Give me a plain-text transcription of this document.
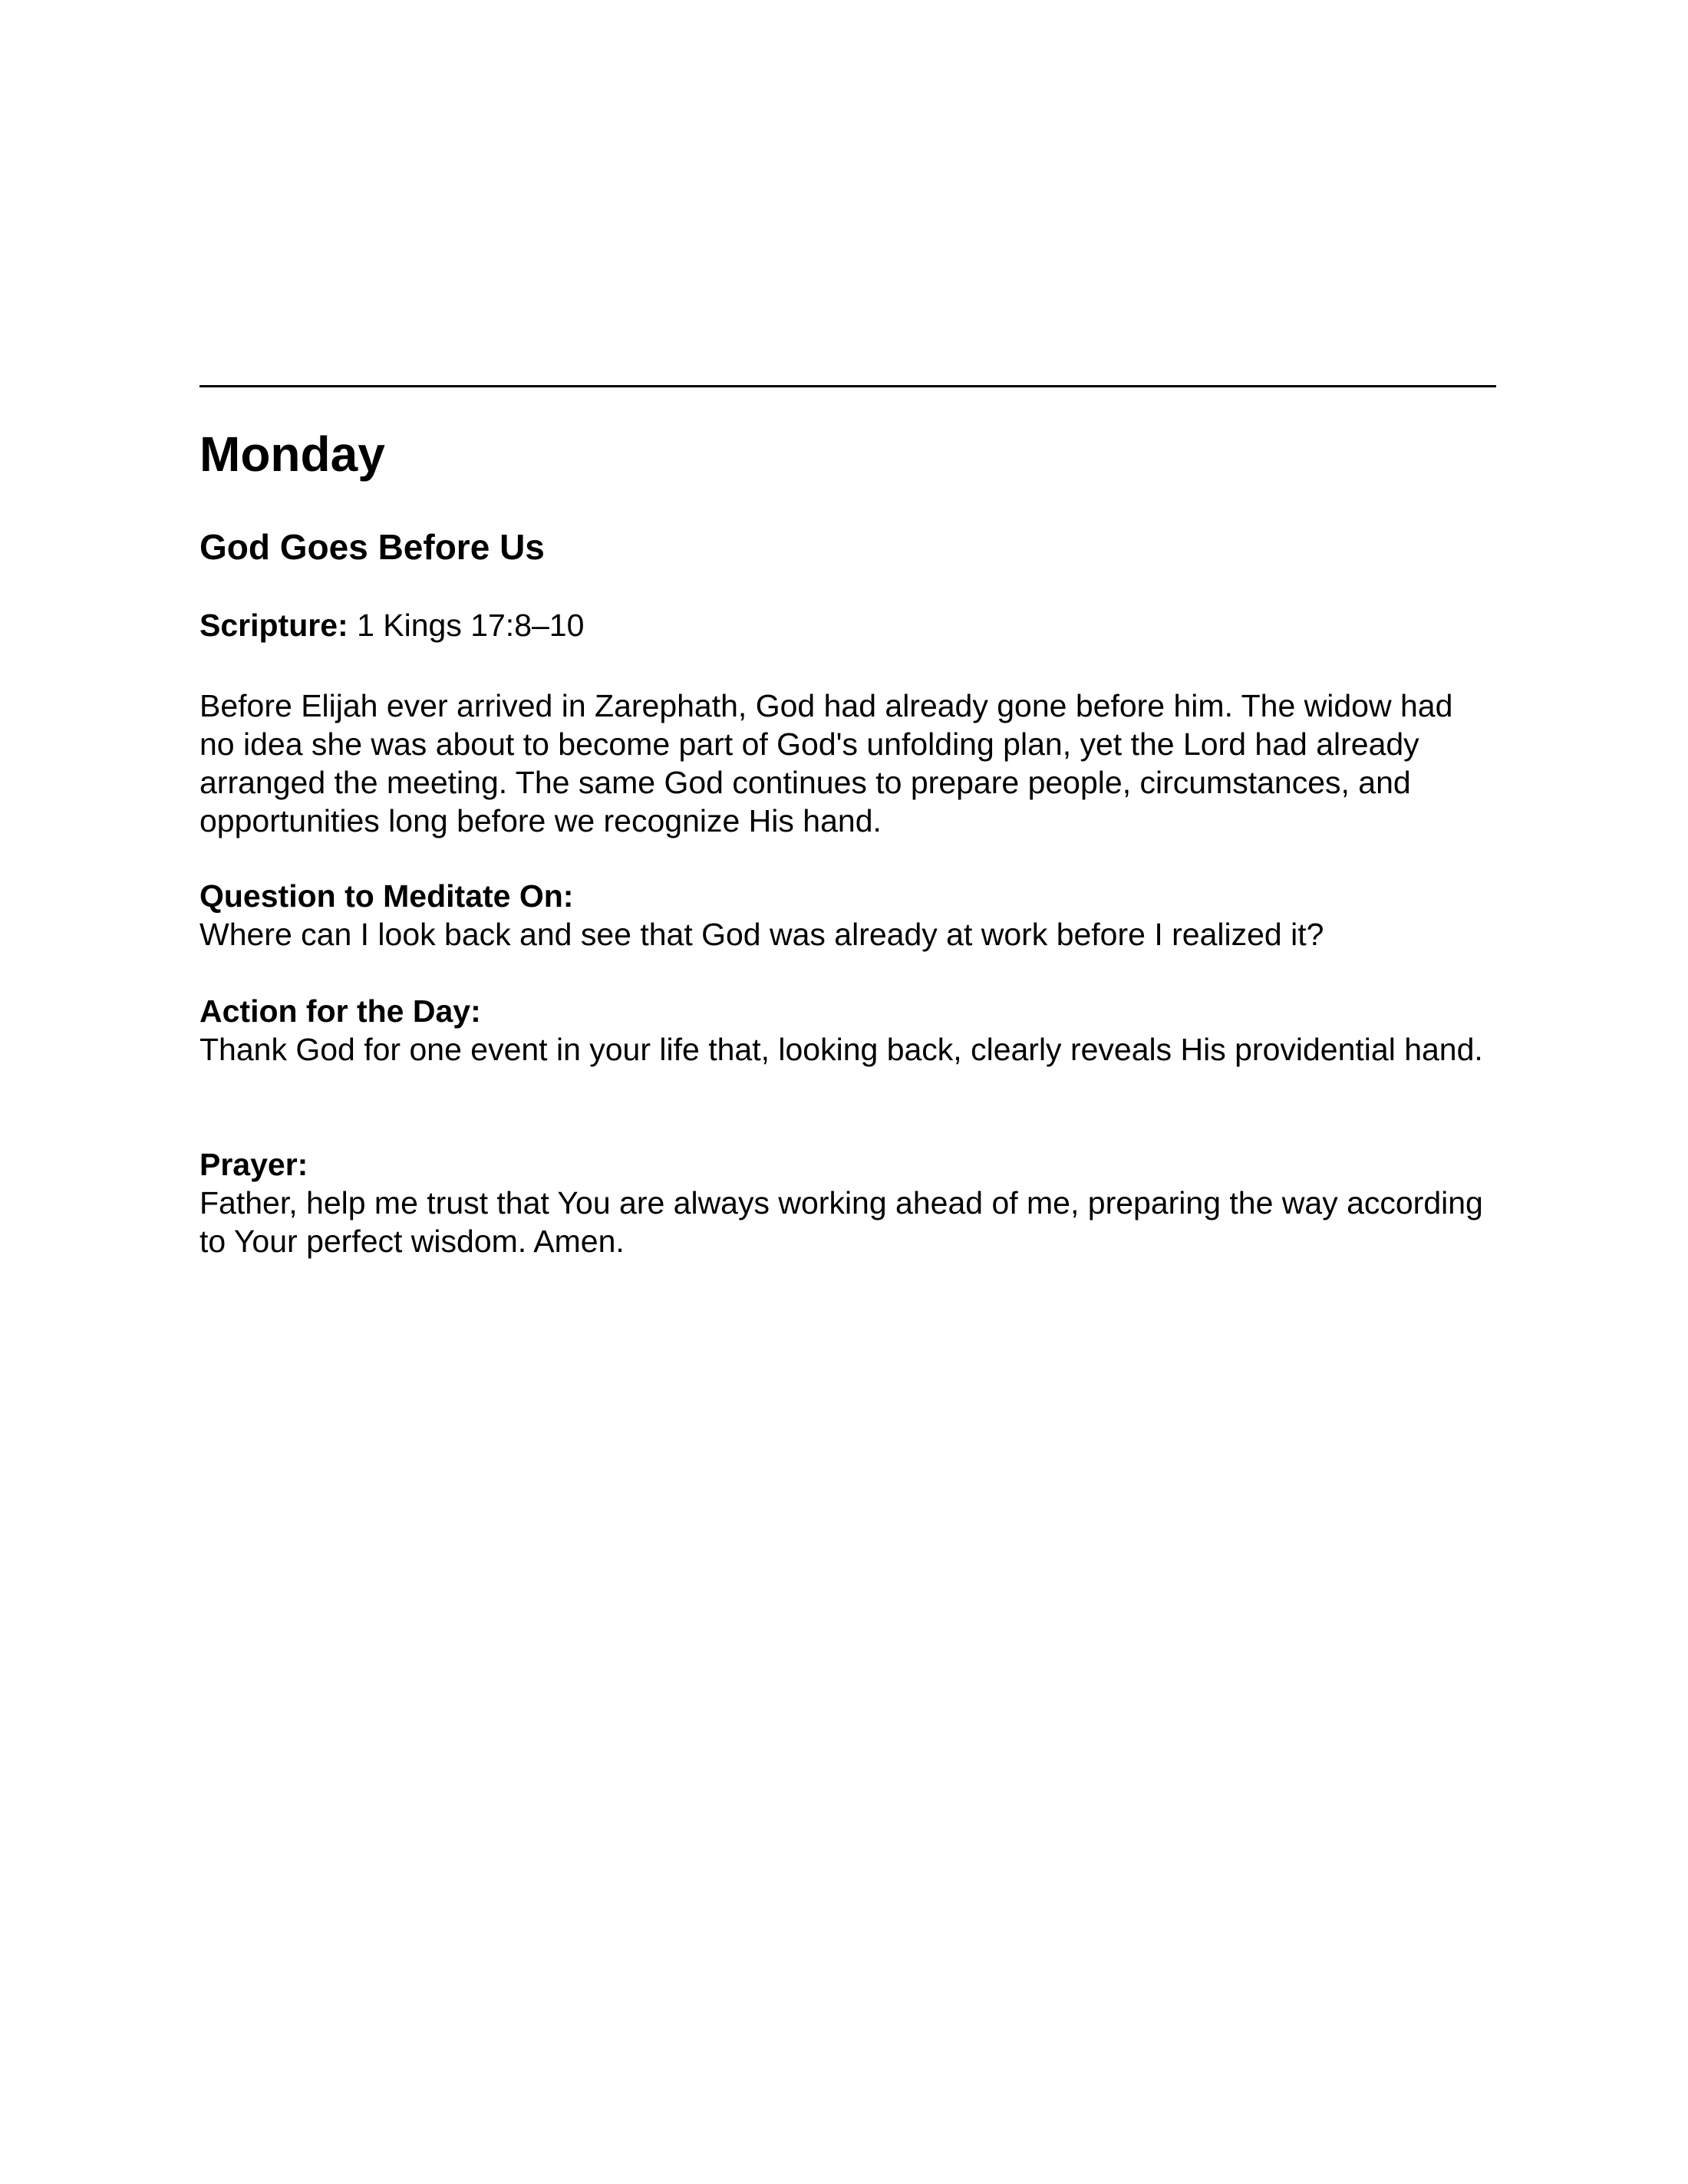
Monday
God Goes Before Us

Scripture: 1 Kings 17:8–10

Before Elijah ever arrived in Zarephath, God had already gone before him. The widow had no idea she was about to become part of God's unfolding plan, yet the Lord had already arranged the meeting. The same God continues to prepare people, circumstances, and opportunities long before we recognize His hand.

Question to Meditate On:
Where can I look back and see that God was already at work before I realized it?
Action for the Day:
Thank God for one event in your life that, looking back, clearly reveals His providential hand.
Prayer:
Father, help me trust that You are always working ahead of me, preparing the way according to Your perfect wisdom. Amen.
